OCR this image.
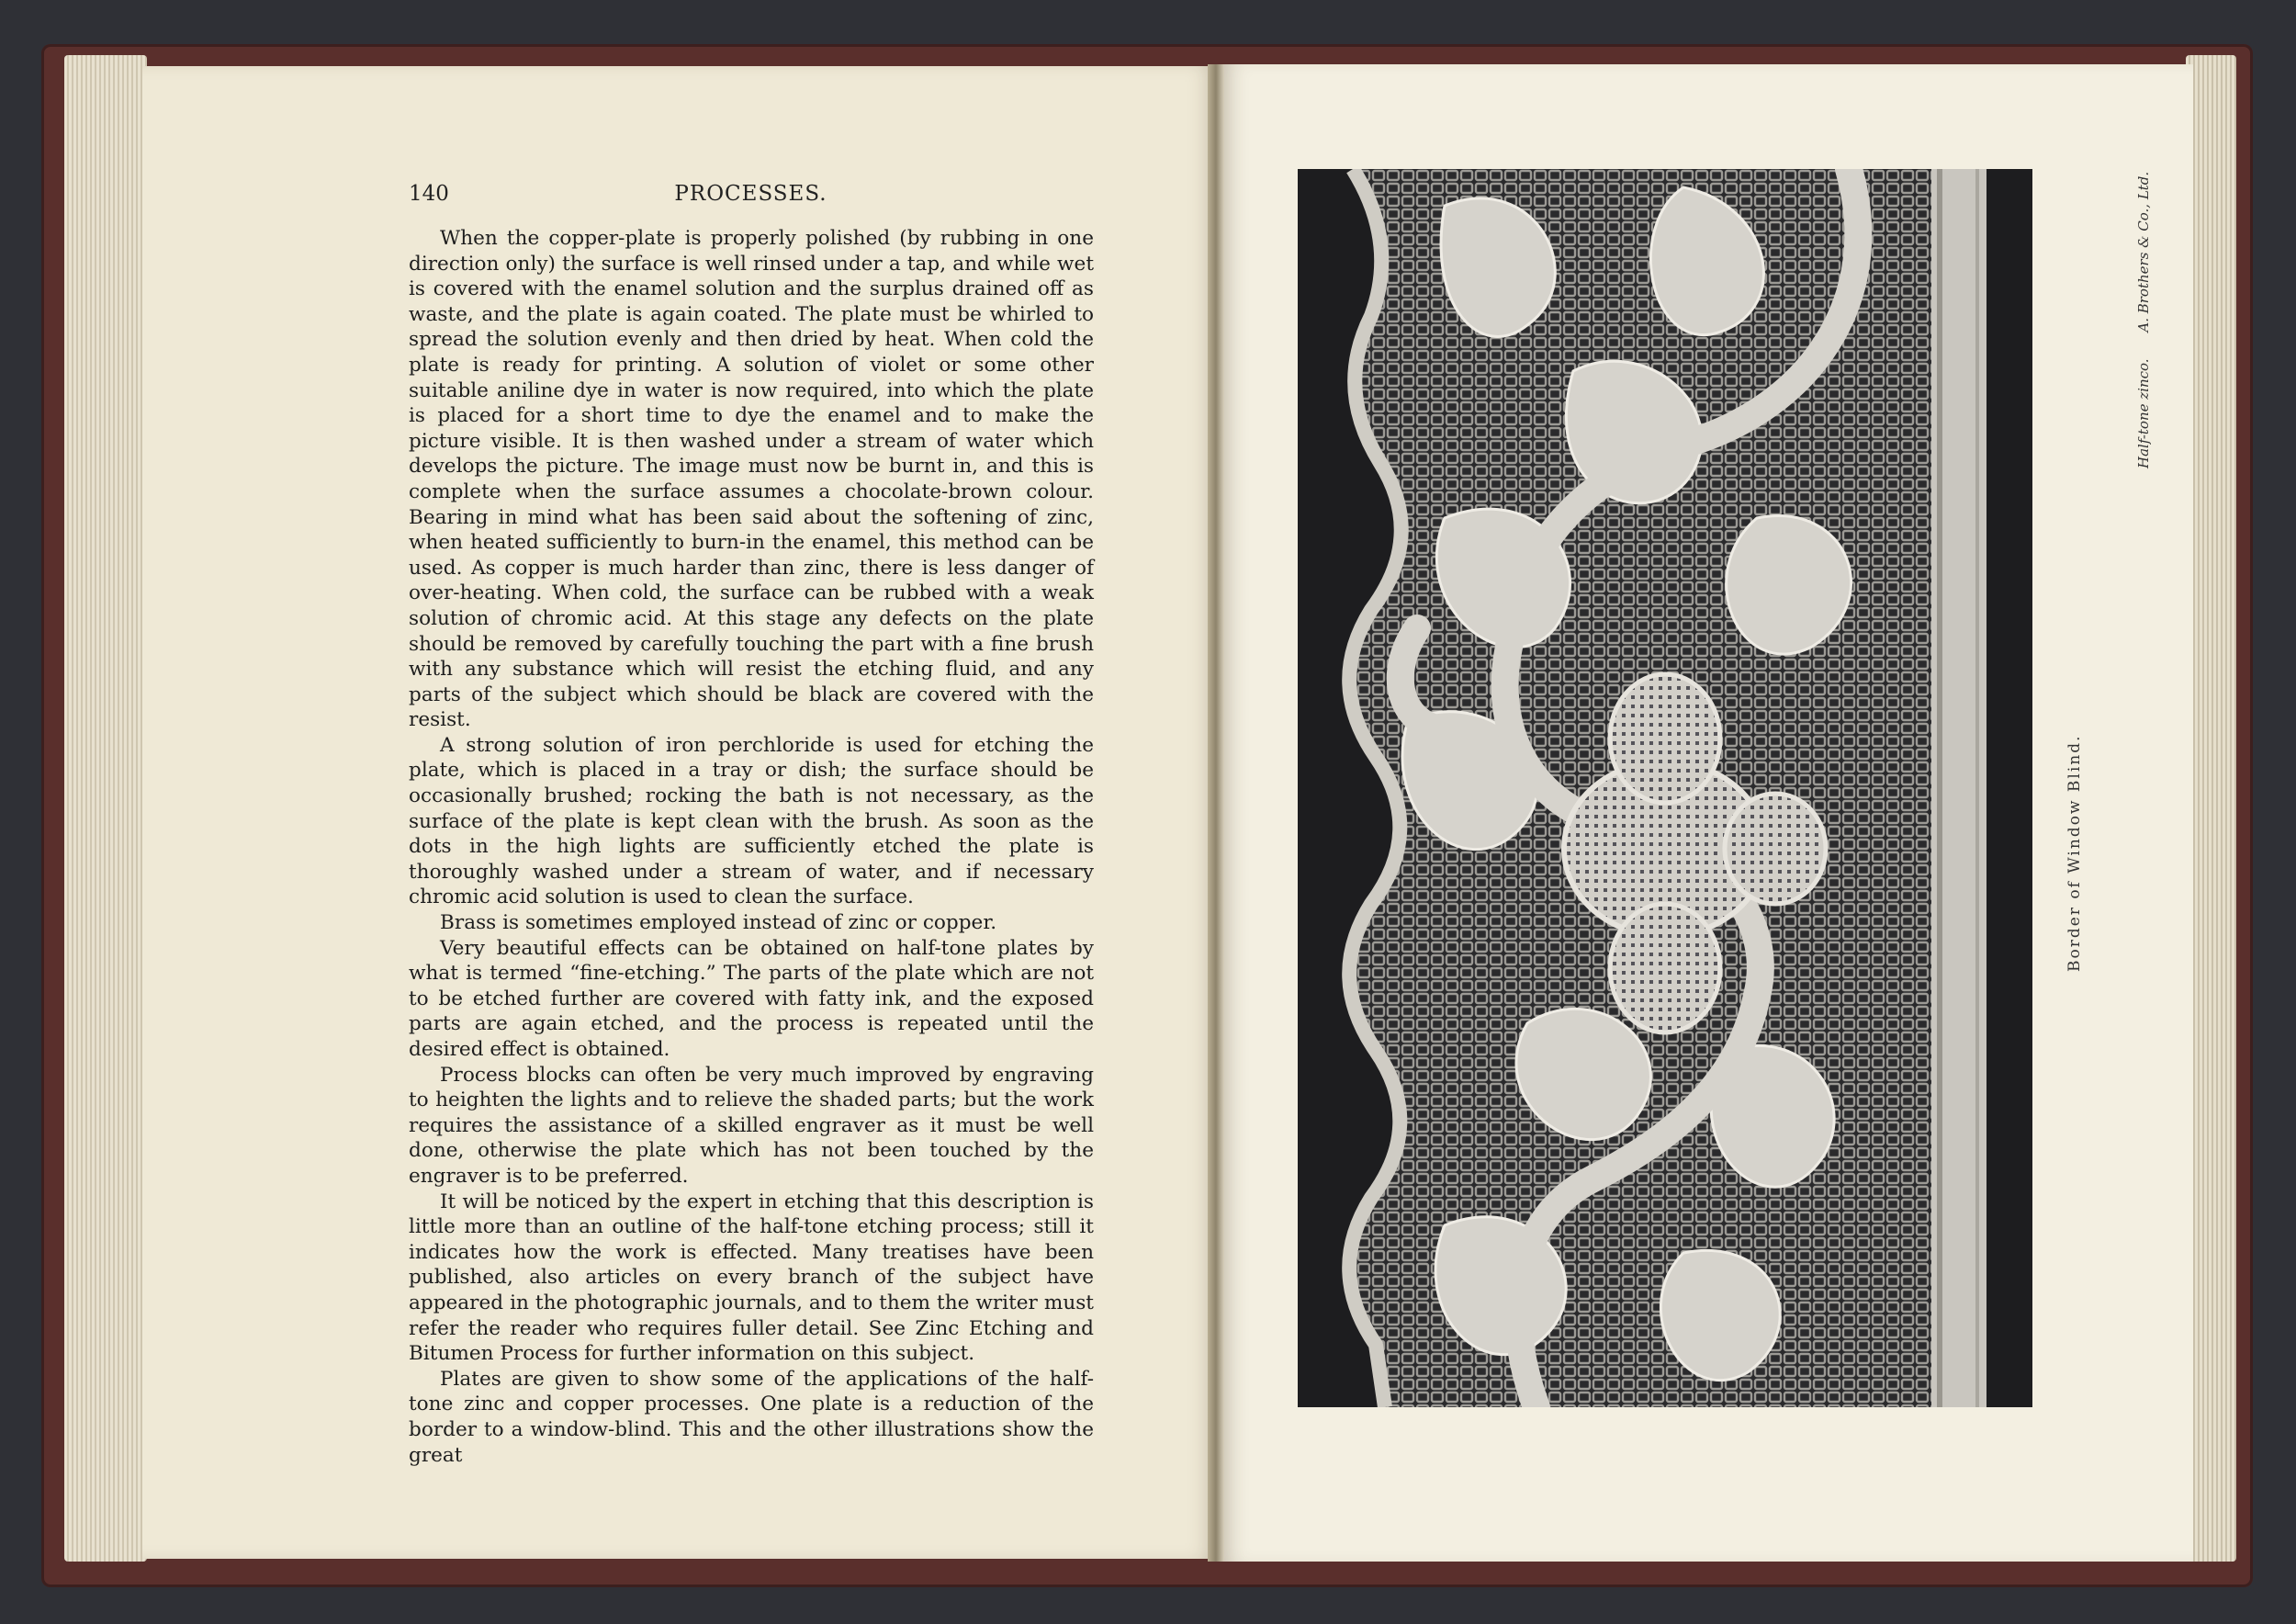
140	PROCESSES.

When the copper-plate is properly polished (by rubbing in one direction only) the surface is well rinsed under a tap, and while wet is covered with the enamel solution and the surplus drained off as waste, and the plate is again coated. The plate must be whirled to spread the solution evenly and then dried by heat. When cold the plate is ready for printing. A solution of violet or some other suitable aniline dye in water is now required, into which the plate is placed for a short time to dye the enamel and to make the picture visible. It is then washed under a stream of water which develops the picture. The image must now be burnt in, and this is complete when the surface assumes a chocolate-brown colour. Bearing in mind what has been said about the softening of zinc, when heated sufficiently to burn-in the enamel, this method can be used. As copper is much harder than zinc, there is less danger of over-heating. When cold, the surface can be rubbed with a weak solution of chromic acid. At this stage any defects on the plate should be removed by carefully touching the part with a fine brush with any substance which will resist the etching fluid, and any parts of the subject which should be black are covered with the resist.

A strong solution of iron perchloride is used for etching the plate, which is placed in a tray or dish; the surface should be occasionally brushed; rocking the bath is not necessary, as the surface of the plate is kept clean with the brush. As soon as the dots in the high lights are sufficiently etched the plate is thoroughly washed under a stream of water, and if necessary chromic acid solution is used to clean the surface.

Brass is sometimes employed instead of zinc or copper.

Very beautiful effects can be obtained on half-tone plates by what is termed “fine-etching.” The parts of the plate which are not to be etched further are covered with fatty ink, and the exposed parts are again etched, and the process is repeated until the desired effect is obtained.

Process blocks can often be very much improved by engraving to heighten the lights and to relieve the shaded parts; but the work requires the assistance of a skilled engraver as it must be well done, otherwise the plate which has not been touched by the engraver is to be preferred.

It will be noticed by the expert in etching that this description is little more than an outline of the half-tone etching process; still it indicates how the work is effected. Many treatises have been published, also articles on every branch of the subject have appeared in the photographic journals, and to them the writer must refer the reader who requires fuller detail. See Zinc Etching and Bitumen Process for further information on this subject.

Plates are given to show some of the applications of the half-tone zinc and copper processes. One plate is a reduction of the border to a window-blind. This and the other illustrations show the great

Border of Window Blind.
Half-tone zinco. A. Brothers & Co., Ltd.
